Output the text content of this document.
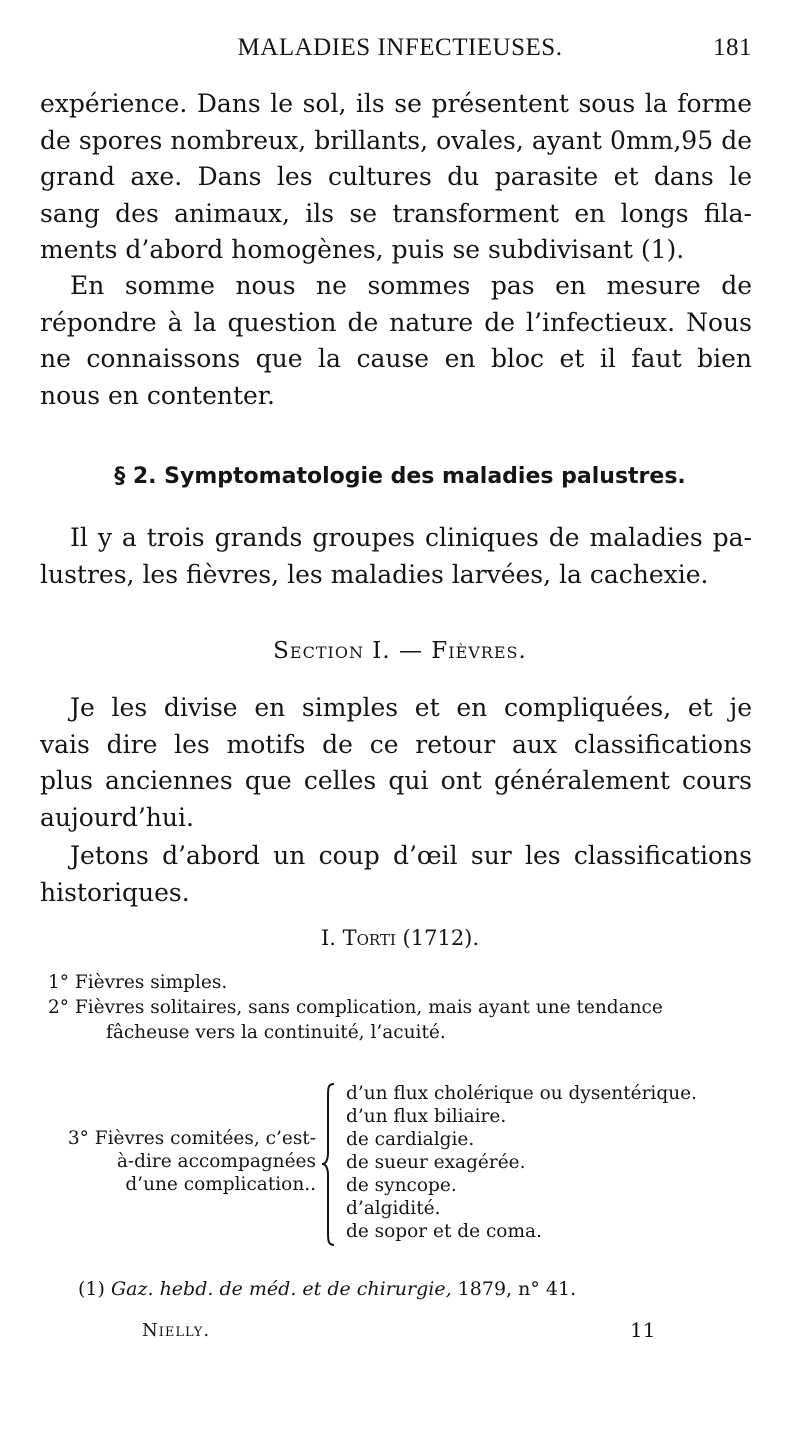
MALADIES INFECTIEUSES.	181
expérience. Dans le sol, ils se présentent sous la forme
de spores nombreux, brillants, ovales, ayant 0mm,95 de
grand axe. Dans les cultures du parasite et dans le
sang des animaux, ils se transforment en longs fila-
ments d’abord homogènes, puis se subdivisant (1).
En somme nous ne sommes pas en mesure de
répondre à la question de nature de l’infectieux. Nous
ne connaissons que la cause en bloc et il faut bien
nous en contenter.
§ 2. Symptomatologie des maladies palustres.
Il y a trois grands groupes cliniques de maladies pa-
lustres, les fièvres, les maladies larvées, la cachexie.
Section I. — Fièvres.
Je les divise en simples et en compliquées, et je
vais dire les motifs de ce retour aux classifications
plus anciennes que celles qui ont généralement cours
aujourd’hui.
Jetons d’abord un coup d’œil sur les classifications
historiques.
I. Torti (1712).
1° Fièvres simples.
2° Fièvres solitaires, sans complication, mais ayant une tendance
fâcheuse vers la continuité, l’acuité.
3° Fièvres comitées, c’est-
à-dire accompagnées
d’une complication..
d’un flux cholérique ou dysentérique.
d’un flux biliaire.
de cardialgie.
de sueur exagérée.
de syncope.
d’algidité.
de sopor et de coma.
(1) Gaz. hebd. de méd. et de chirurgie, 1879, n° 41.
Nielly.	11
